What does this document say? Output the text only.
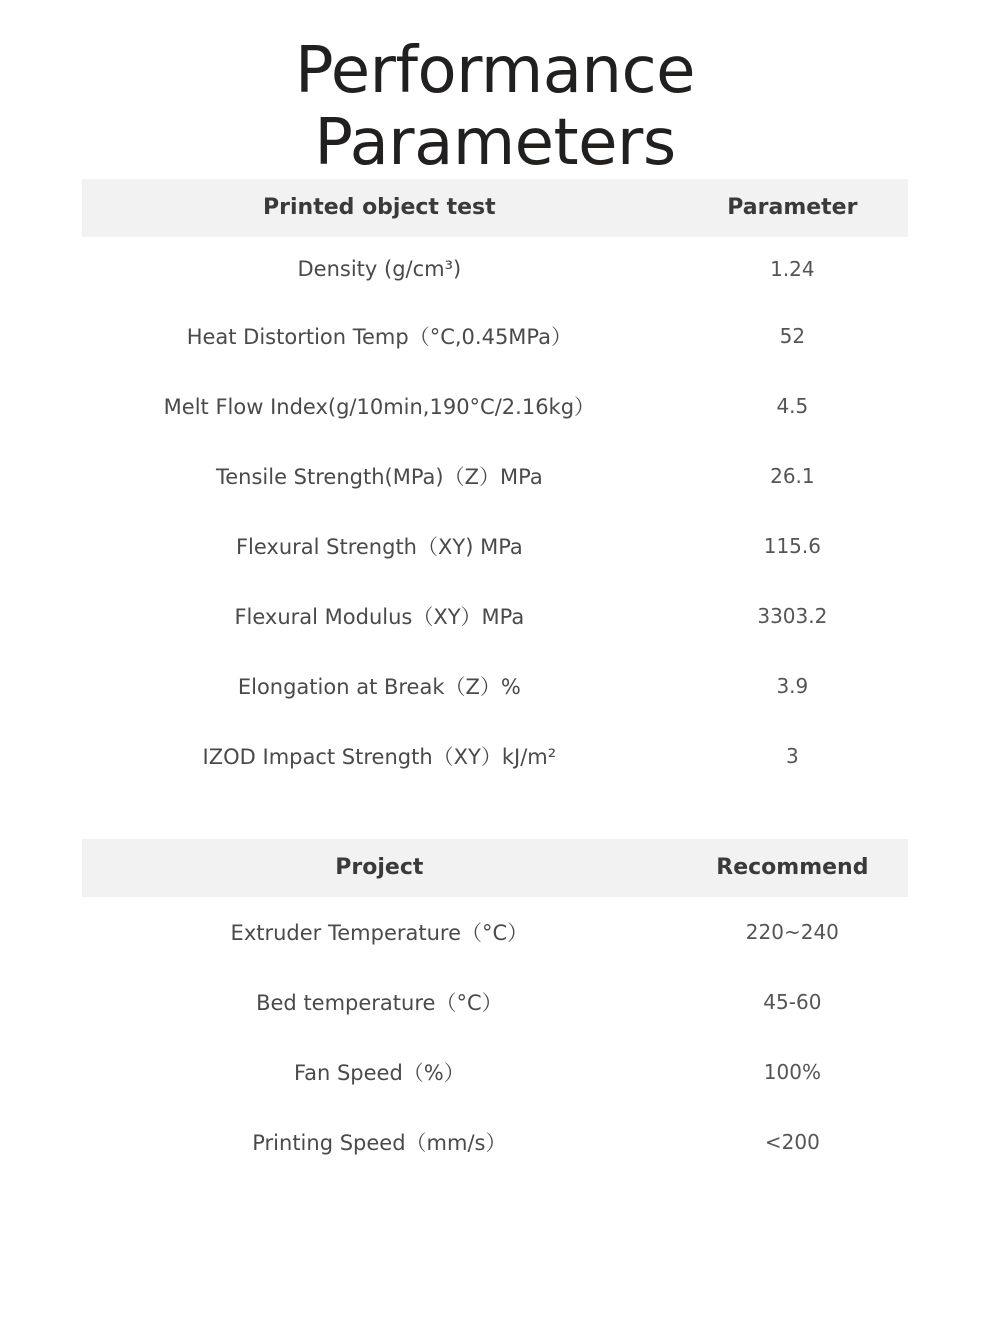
Performance
Parameters
Printed object test	Parameter
Density (g/cm³)	1.24
Heat Distortion Temp（°C,0.45MPa）	52
Melt Flow Index(g/10min,190°C/2.16kg）	4.5
Tensile Strength(MPa)（Z）MPa	26.1
Flexural Strength（XY) MPa	115.6
Flexural Modulus（XY）MPa	3303.2
Elongation at Break（Z）%	3.9
IZOD Impact Strength（XY）kJ/m²	3
Project	Recommend
Extruder Temperature（°C）	220~240
Bed temperature（°C）	45-60
Fan Speed（%）	100%
Printing Speed（mm/s）	<200
